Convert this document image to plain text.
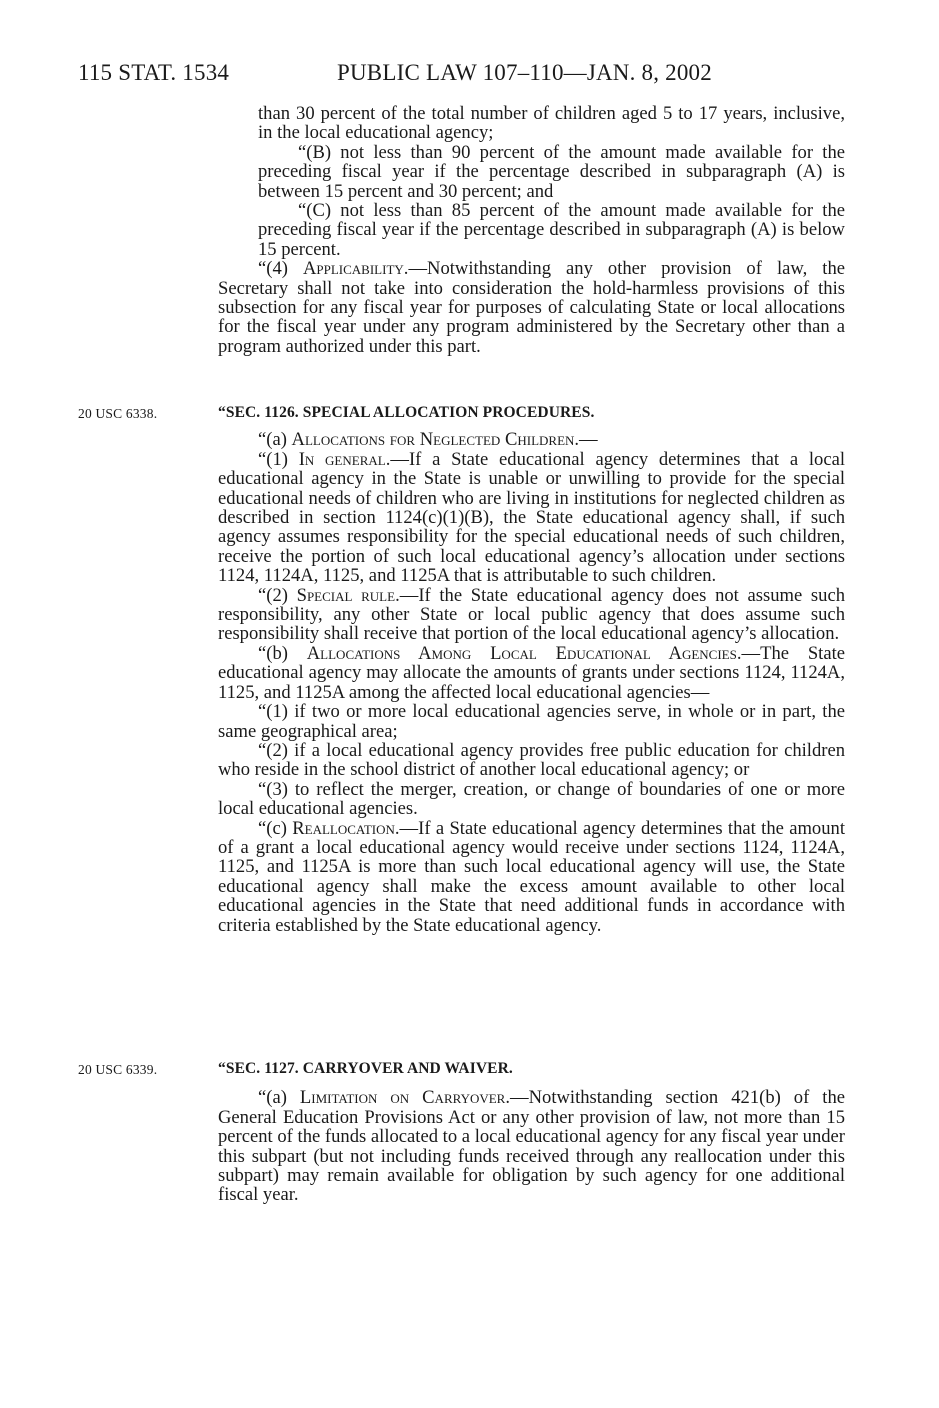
115 STAT. 1534	PUBLIC LAW 107–110—JAN. 8, 2002

than 30 percent of the total number of children aged 5 to 17 years, inclusive, in the local educational agency;

“(B) not less than 90 percent of the amount made available for the preceding fiscal year if the percentage described in subparagraph (A) is between 15 percent and 30 percent; and

“(C) not less than 85 percent of the amount made available for the preceding fiscal year if the percentage described in subparagraph (A) is below 15 percent.

“(4) Applicability.—Notwithstanding any other provision of law, the Secretary shall not take into consideration the hold-harmless provisions of this subsection for any fiscal year for purposes of calculating State or local allocations for the fiscal year under any program administered by the Secretary other than a program authorized under this part.

20 USC 6338.	“SEC. 1126. SPECIAL ALLOCATION PROCEDURES.

“(a) Allocations for Neglected Children.—

“(1) In general.—If a State educational agency determines that a local educational agency in the State is unable or unwilling to provide for the special educational needs of children who are living in institutions for neglected children as described in section 1124(c)(1)(B), the State educational agency shall, if such agency assumes responsibility for the special educational needs of such children, receive the portion of such local educational agency’s allocation under sections 1124, 1124A, 1125, and 1125A that is attributable to such children.

“(2) Special rule.—If the State educational agency does not assume such responsibility, any other State or local public agency that does assume such responsibility shall receive that portion of the local educational agency’s allocation.

“(b) Allocations Among Local Educational Agencies.—The State educational agency may allocate the amounts of grants under sections 1124, 1124A, 1125, and 1125A among the affected local educational agencies—

“(1) if two or more local educational agencies serve, in whole or in part, the same geographical area;

“(2) if a local educational agency provides free public education for children who reside in the school district of another local educational agency; or

“(3) to reflect the merger, creation, or change of boundaries of one or more local educational agencies.

“(c) Reallocation.—If a State educational agency determines that the amount of a grant a local educational agency would receive under sections 1124, 1124A, 1125, and 1125A is more than such local educational agency will use, the State educational agency shall make the excess amount available to other local educational agencies in the State that need additional funds in accordance with criteria established by the State educational agency.

20 USC 6339.	“SEC. 1127. CARRYOVER AND WAIVER.

“(a) Limitation on Carryover.—Notwithstanding section 421(b) of the General Education Provisions Act or any other provision of law, not more than 15 percent of the funds allocated to a local educational agency for any fiscal year under this subpart (but not including funds received through any reallocation under this subpart) may remain available for obligation by such agency for one additional fiscal year.
